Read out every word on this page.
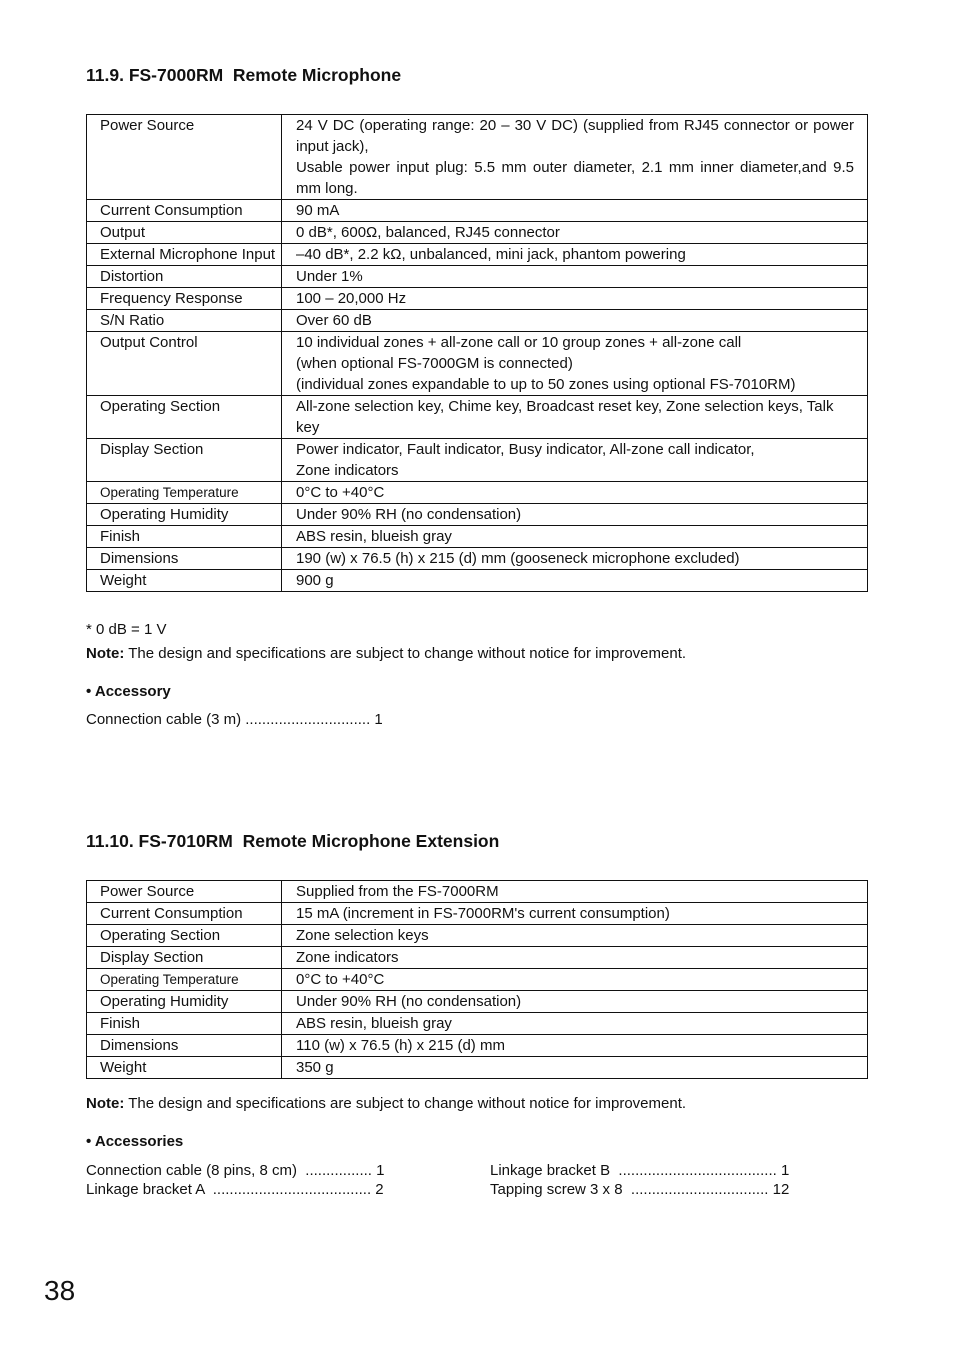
11.9. FS-7000RM  Remote Microphone
Power Source	24 V DC (operating range: 20 – 30 V DC) (supplied from RJ45 connector or power input jack),
Usable power input plug: 5.5 mm outer diameter, 2.1 mm inner diameter,and 9.5 mm long.

Current Consumption	90 mA

Output	0 dB*, 600Ω, balanced, RJ45 connector

External Microphone Input	–40 dB*, 2.2 kΩ, unbalanced, mini jack, phantom powering

Distortion	Under 1%

Frequency Response	100 – 20,000 Hz

S/N Ratio	Over 60 dB

Output Control	10 individual zones + all-zone call or 10 group zones + all-zone call
(when optional FS-7000GM is connected)
(individual zones expandable to up to 50 zones using optional FS-7010RM)

Operating Section	All-zone selection key, Chime key, Broadcast reset key, Zone selection keys, Talk key

Display Section	Power indicator, Fault indicator, Busy indicator, All-zone call indicator,
Zone indicators

Operating Temperature	0°C to +40°C

Operating Humidity	Under 90% RH (no condensation)

Finish	ABS resin, blueish gray

Dimensions	190 (w) x 76.5 (h) x 215 (d) mm (gooseneck microphone excluded)

Weight	900 g

* 0 dB = 1 V

Note: The design and specifications are subject to change without notice for improvement.

• Accessory

Connection cable (3 m) .............................. 1

11.10. FS-7010RM  Remote Microphone Extension
Power Source	Supplied from the FS-7000RM

Current Consumption	15 mA (increment in FS-7000RM's current consumption)

Operating Section	Zone selection keys

Display Section	Zone indicators

Operating Temperature	0°C to +40°C

Operating Humidity	Under 90% RH (no condensation)

Finish	ABS resin, blueish gray

Dimensions	110 (w) x 76.5 (h) x 215 (d) mm

Weight	350 g

Note: The design and specifications are subject to change without notice for improvement.

• Accessories

Connection cable (8 pins, 8 cm)  ................ 1

Linkage bracket A  ...................................... 2

Linkage bracket B  ...................................... 1

Tapping screw 3 x 8  ................................. 12

38
